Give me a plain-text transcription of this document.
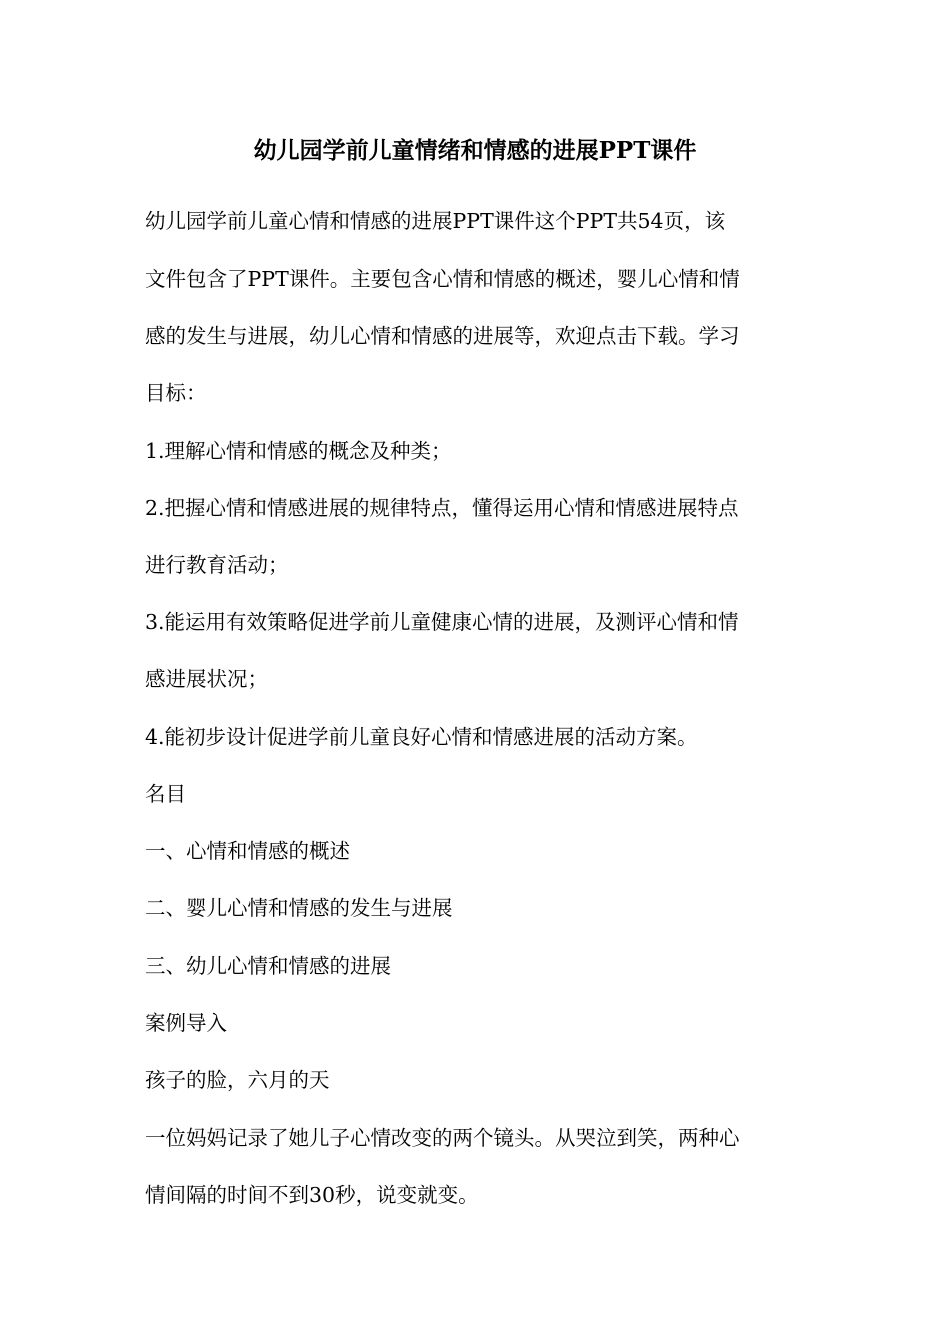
幼儿园学前儿童情绪和情感的进展PPT课件
幼儿园学前儿童心情和情感的进展PPT课件这个PPT共54页，该
文件包含了PPT课件。主要包含心情和情感的概述，婴儿心情和情
感的发生与进展，幼儿心情和情感的进展等，欢迎点击下载。学习
目标：
1.理解心情和情感的概念及种类；
2.把握心情和情感进展的规律特点，懂得运用心情和情感进展特点
进行教育活动；
3.能运用有效策略促进学前儿童健康心情的进展，及测评心情和情
感进展状况；
4.能初步设计促进学前儿童良好心情和情感进展的活动方案。
名目
一、心情和情感的概述
二、婴儿心情和情感的发生与进展
三、幼儿心情和情感的进展
案例导入
孩子的脸，六月的天
一位妈妈记录了她儿子心情改变的两个镜头。从哭泣到笑，两种心
情间隔的时间不到30秒，说变就变。
